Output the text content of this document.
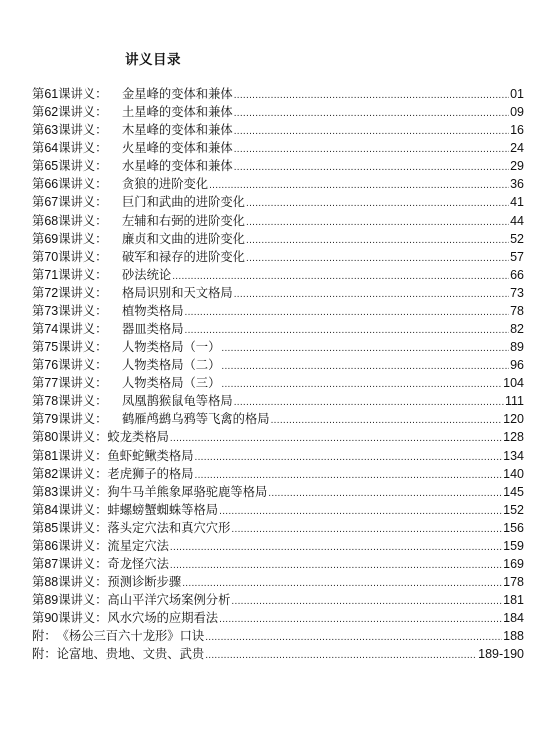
讲义目录
第61课讲义：	金星峰的变体和兼体 .....	01
第62课讲义：	土星峰的变体和兼体 .....	09
第63课讲义：	木星峰的变体和兼体 .....	16
第64课讲义：	火星峰的变体和兼体 .....	24
第65课讲义：	水星峰的变体和兼体 .....	29
第66课讲义：	贪狼的进阶变化 .....	36
第67课讲义：	巨门和武曲的进阶变化 .....	41
第68课讲义：	左辅和右弼的进阶变化 .....	44
第69课讲义：	廉贞和文曲的进阶变化 .....	52
第70课讲义：	破军和禄存的进阶变化 .....	57
第71课讲义：	砂法统论 .....	66
第72课讲义：	格局识别和天文格局 .....	73
第73课讲义：	植物类格局 .....	78
第74课讲义：	器皿类格局 .....	82
第75课讲义：	人物类格局（一） .....	89
第76课讲义：	人物类格局（二） .....	96
第77课讲义：	人物类格局（三） .....	104
第78课讲义：	凤凰鹊猴鼠龟等格局 .....	111
第79课讲义：	鹤雁鸬鹚乌鸦等飞禽的格局 .....	120
第80课讲义： 蛟龙类格局 .....	128
第81课讲义： 鱼虾蛇鳅类格局 .....	134
第82课讲义： 老虎狮子的格局 .....	140
第83课讲义： 狗牛马羊熊象犀骆驼鹿等格局 .....	145
第84课讲义： 蚌螺螃蟹蜘蛛等格局 .....	152
第85课讲义： 落头定穴法和真穴穴形 .....	156
第86课讲义： 流星定穴法 .....	159
第87课讲义： 奇龙怪穴法 .....	169
第88课讲义： 预测诊断步骤 .....	178
第89课讲义： 高山平洋穴场案例分析 .....	181
第90课讲义： 风水穴场的应期看法 .....	184
附： 《杨公三百六十龙形》口诀 .....	188
附： 论富地、贵地、文贵、武贵 .....	189-190
